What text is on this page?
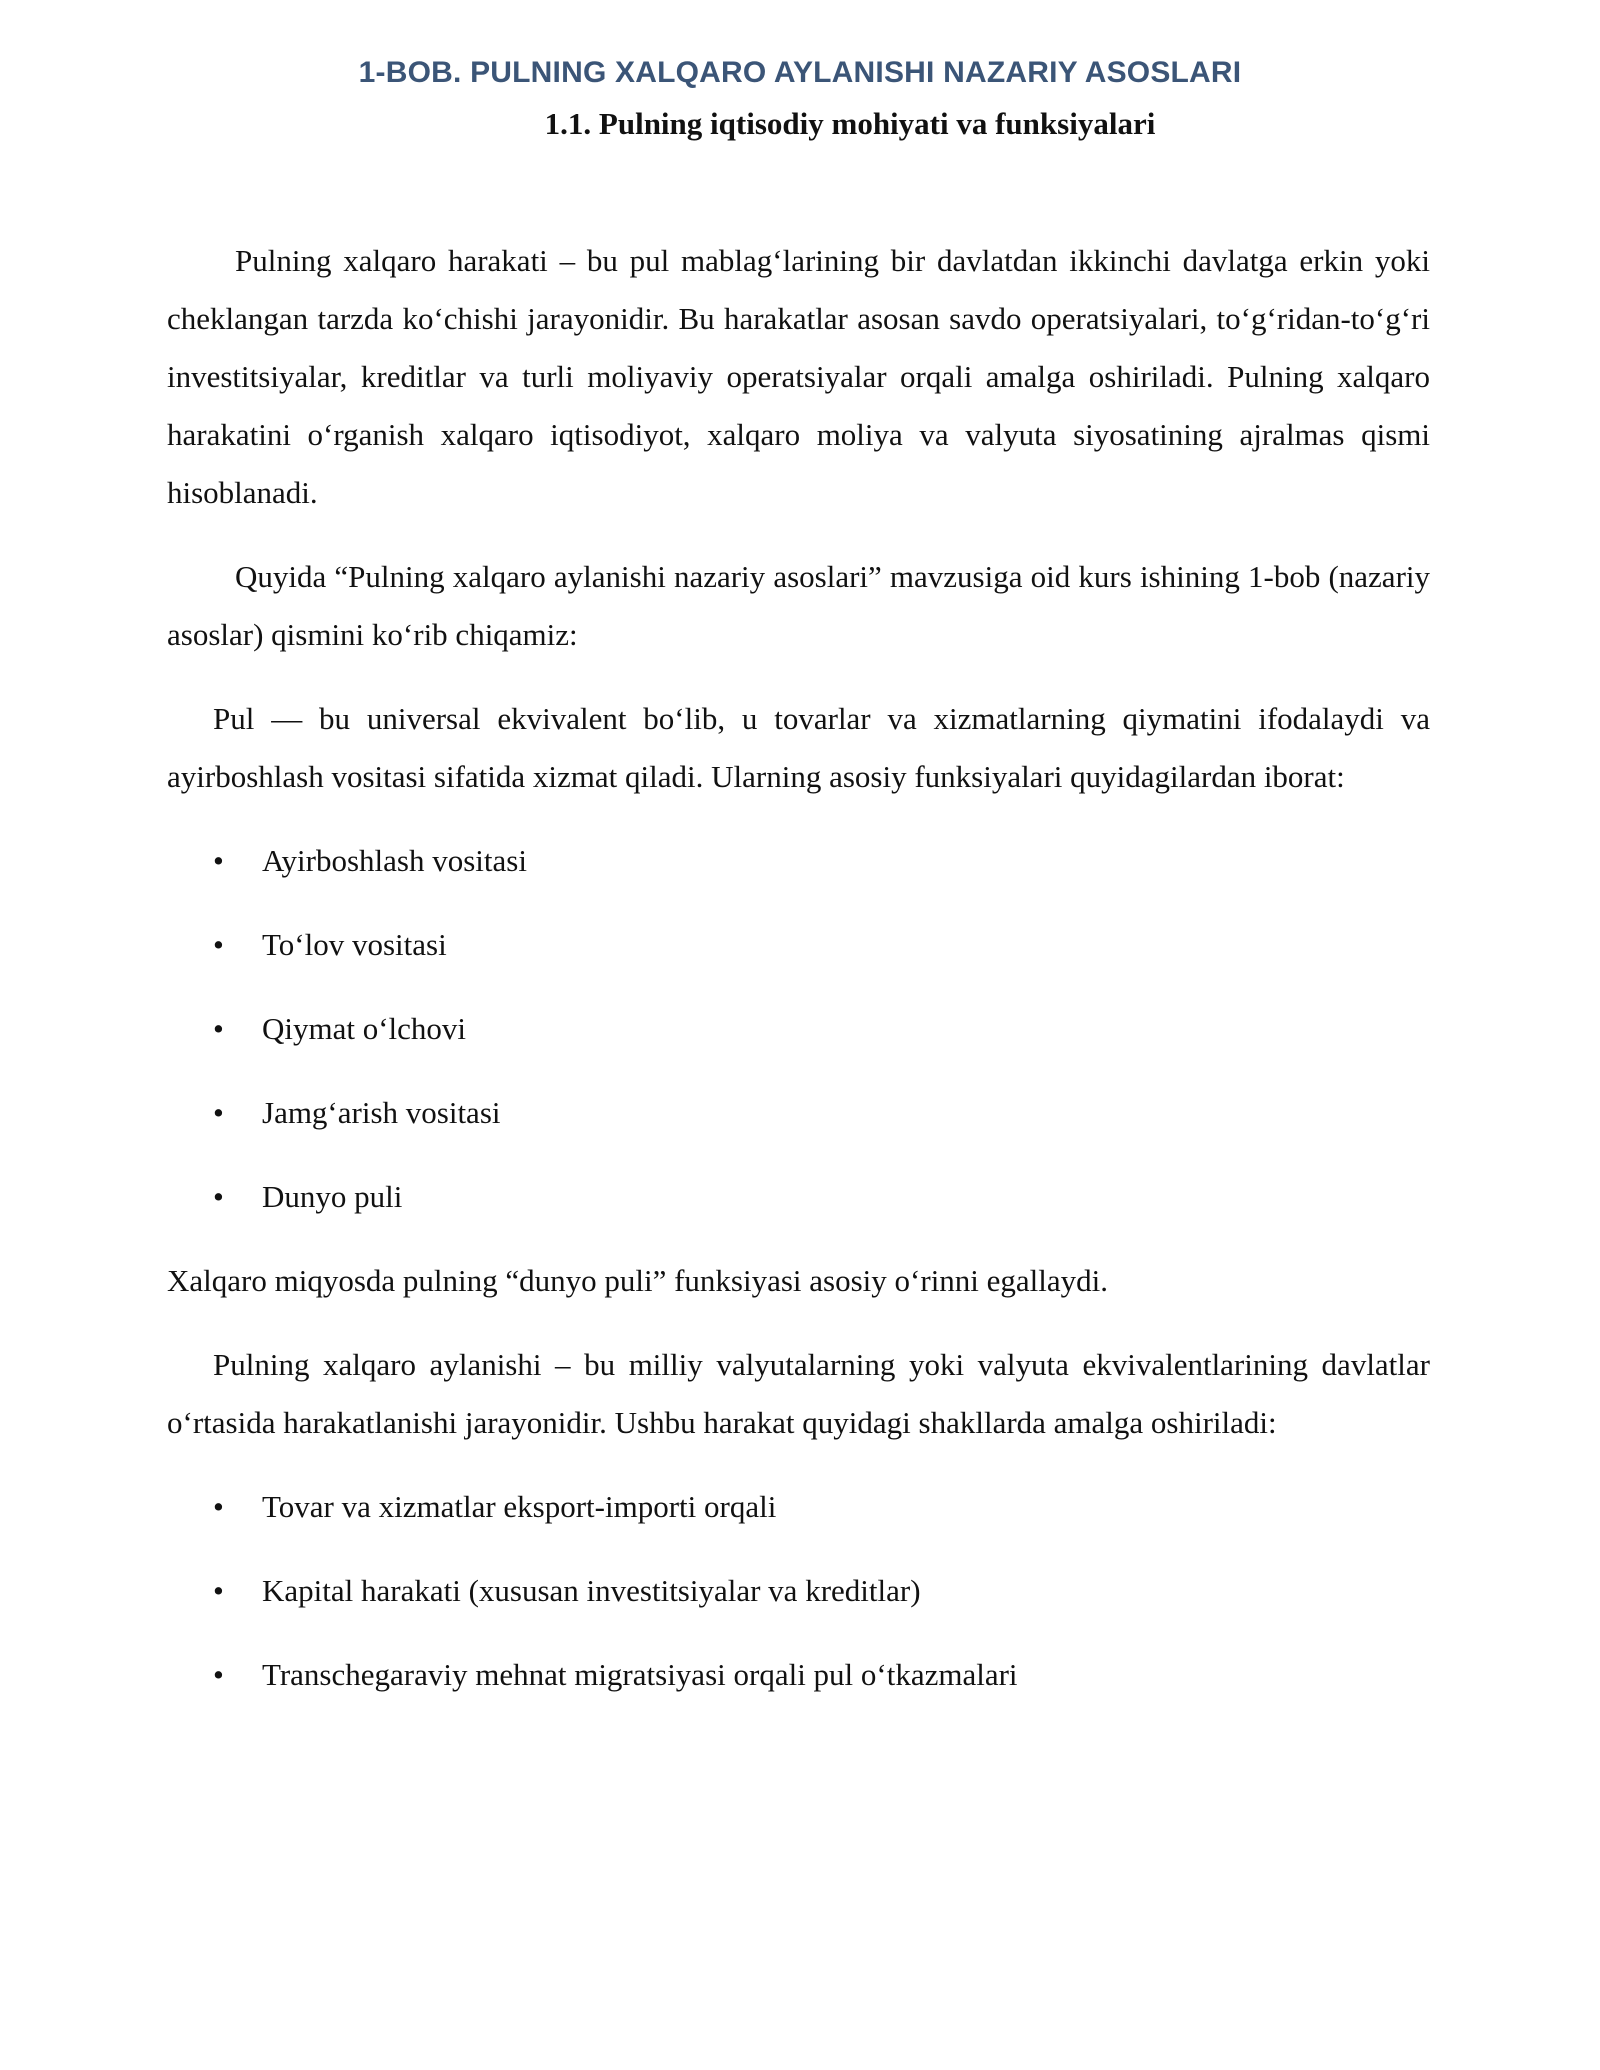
1-BOB. PULNING XALQARO AYLANISHI NAZARIY ASOSLARI
1.1. Pulning iqtisodiy mohiyati va funksiyalari

Pulning xalqaro harakati – bu pul mablag‘larining bir davlatdan ikkinchi davlatga erkin yoki cheklangan tarzda ko‘chishi jarayonidir. Bu harakatlar asosan savdo operatsiyalari, to‘g‘ridan-to‘g‘ri investitsiyalar, kreditlar va turli moliyaviy operatsiyalar orqali amalga oshiriladi. Pulning xalqaro harakatini o‘rganish xalqaro iqtisodiyot, xalqaro moliya va valyuta siyosatining ajralmas qismi hisoblanadi.

Quyida “Pulning xalqaro aylanishi nazariy asoslari” mavzusiga oid kurs ishining 1-bob (nazariy asoslar) qismini ko‘rib chiqamiz:

Pul — bu universal ekvivalent bo‘lib, u tovarlar va xizmatlarning qiymatini ifodalaydi va ayirboshlash vositasi sifatida xizmat qiladi. Ularning asosiy funksiyalari quyidagilardan iborat:

• Ayirboshlash vositasi
• To‘lov vositasi
• Qiymat o‘lchovi
• Jamg‘arish vositasi
• Dunyo puli

Xalqaro miqyosda pulning “dunyo puli” funksiyasi asosiy o‘rinni egallaydi.

Pulning xalqaro aylanishi – bu milliy valyutalarning yoki valyuta ekvivalentlarining davlatlar o‘rtasida harakatlanishi jarayonidir. Ushbu harakat quyidagi shakllarda amalga oshiriladi:

• Tovar va xizmatlar eksport-importi orqali
• Kapital harakati (xususan investitsiyalar va kreditlar)
• Transchegaraviy mehnat migratsiyasi orqali pul o‘tkazmalari
